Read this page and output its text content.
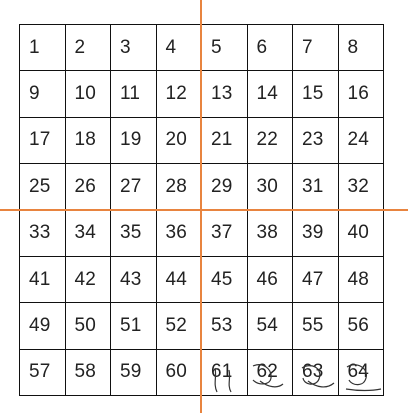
1	2	3	4	5	6	7	8
9	10	11	12	13	14	15	16
17	18	19	20	21	22	23	24
25	26	27	28	29	30	31	32
33	34	35	36	37	38	39	40
41	42	43	44	45	46	47	48
49	50	51	52	53	54	55	56
57	58	59	60	61	62	63	64
